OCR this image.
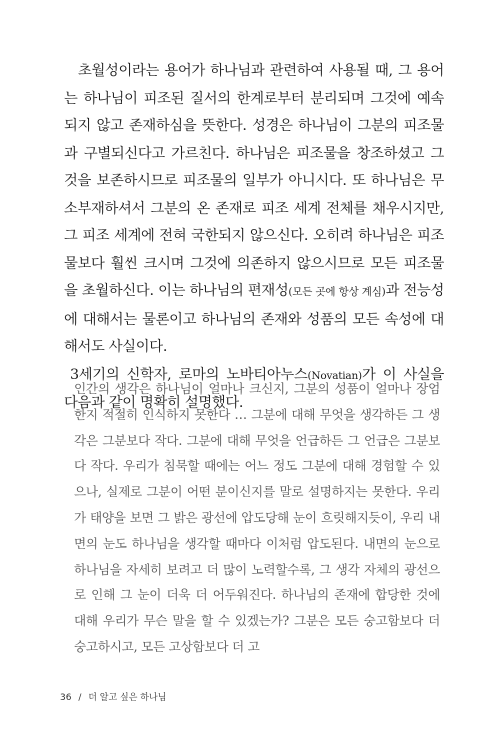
초월성이라는 용어가 하나님과 관련하여 사용될 때, 그 용어는 하나님이 피조된 질서의 한계로부터 분리되며 그것에 예속되지 않고 존재하심을 뜻한다. 성경은 하나님이 그분의 피조물과 구별되신다고 가르친다. 하나님은 피조물을 창조하셨고 그것을 보존하시므로 피조물의 일부가 아니시다. 또 하나님은 무소부재하셔서 그분의 온 존재로 피조 세계 전체를 채우시지만, 그 피조 세계에 전혀 국한되지 않으신다. 오히려 하나님은 피조물보다 훨씬 크시며 그것에 의존하지 않으시므로 모든 피조물을 초월하신다. 이는 하나님의 편재성(모든 곳에 항상 계심)과 전능성에 대해서는 물론이고 하나님의 존재와 성품의 모든 속성에 대해서도 사실이다.

3세기의 신학자, 로마의 노바티아누스(Novatian)가 이 사실을 다음과 같이 명확히 설명했다.

인간의 생각은 하나님이 얼마나 크신지, 그분의 성품이 얼마나 장엄한지 적절히 인식하지 못한다 … 그분에 대해 무엇을 생각하든 그 생각은 그분보다 작다. 그분에 대해 무엇을 언급하든 그 언급은 그분보다 작다. 우리가 침묵할 때에는 어느 정도 그분에 대해 경험할 수 있으나, 실제로 그분이 어떤 분이신지를 말로 설명하지는 못한다. 우리가 태양을 보면 그 밝은 광선에 압도당해 눈이 흐릿해지듯이, 우리 내면의 눈도 하나님을 생각할 때마다 이처럼 압도된다. 내면의 눈으로 하나님을 자세히 보려고 더 많이 노력할수록, 그 생각 자체의 광선으로 인해 그 눈이 더욱 더 어두워진다. 하나님의 존재에 합당한 것에 대해 우리가 무슨 말을 할 수 있겠는가? 그분은 모든 숭고함보다 더 숭고하시고, 모든 고상함보다 더 고

36 / 더 알고 싶은 하나님
